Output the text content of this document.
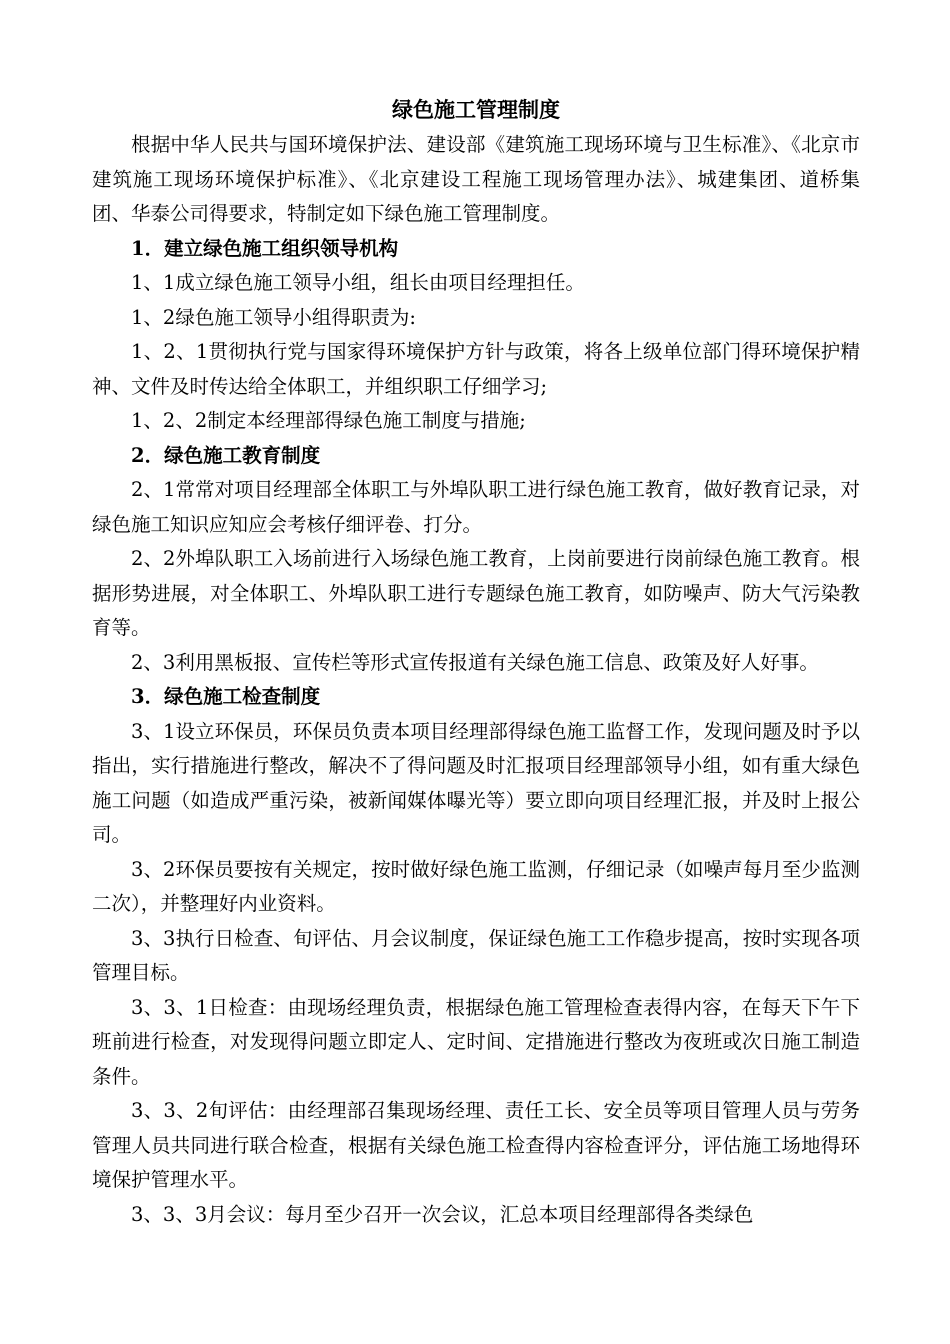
绿色施工管理制度

根据中华人民共与国环境保护法、建设部《建筑施工现场环境与卫生标准》、《北京市建筑施工现场环境保护标准》、《北京建设工程施工现场管理办法》、城建集团、道桥集团、华泰公司得要求，特制定如下绿色施工管理制度。

1．建立绿色施工组织领导机构

1、1成立绿色施工领导小组，组长由项目经理担任。

1、2绿色施工领导小组得职责为:

1、2、1贯彻执行党与国家得环境保护方针与政策，将各上级单位部门得环境保护精神、文件及时传达给全体职工，并组织职工仔细学习;

1、2、2制定本经理部得绿色施工制度与措施;

2．绿色施工教育制度

2、1常常对项目经理部全体职工与外埠队职工进行绿色施工教育，做好教育记录，对绿色施工知识应知应会考核仔细评卷、打分。

2、2外埠队职工入场前进行入场绿色施工教育，上岗前要进行岗前绿色施工教育。根据形势进展，对全体职工、外埠队职工进行专题绿色施工教育，如防噪声、防大气污染教育等。

2、3利用黑板报、宣传栏等形式宣传报道有关绿色施工信息、政策及好人好事。

3．绿色施工检查制度

3、1设立环保员，环保员负责本项目经理部得绿色施工监督工作，发现问题及时予以指出，实行措施进行整改，解决不了得问题及时汇报项目经理部领导小组，如有重大绿色施工问题（如造成严重污染，被新闻媒体曝光等）要立即向项目经理汇报，并及时上报公司。

3、2环保员要按有关规定，按时做好绿色施工监测，仔细记录（如噪声每月至少监测二次），并整理好内业资料。

3、3执行日检查、旬评估、月会议制度，保证绿色施工工作稳步提高，按时实现各项管理目标。

3、3、1日检查：由现场经理负责，根据绿色施工管理检查表得内容，在每天下午下班前进行检查，对发现得问题立即定人、定时间、定措施进行整改为夜班或次日施工制造条件。

3、3、2旬评估：由经理部召集现场经理、责任工长、安全员等项目管理人员与劳务管理人员共同进行联合检查，根据有关绿色施工检查得内容检查评分，评估施工场地得环境保护管理水平。

3、3、3月会议：每月至少召开一次会议，汇总本项目经理部得各类绿色
